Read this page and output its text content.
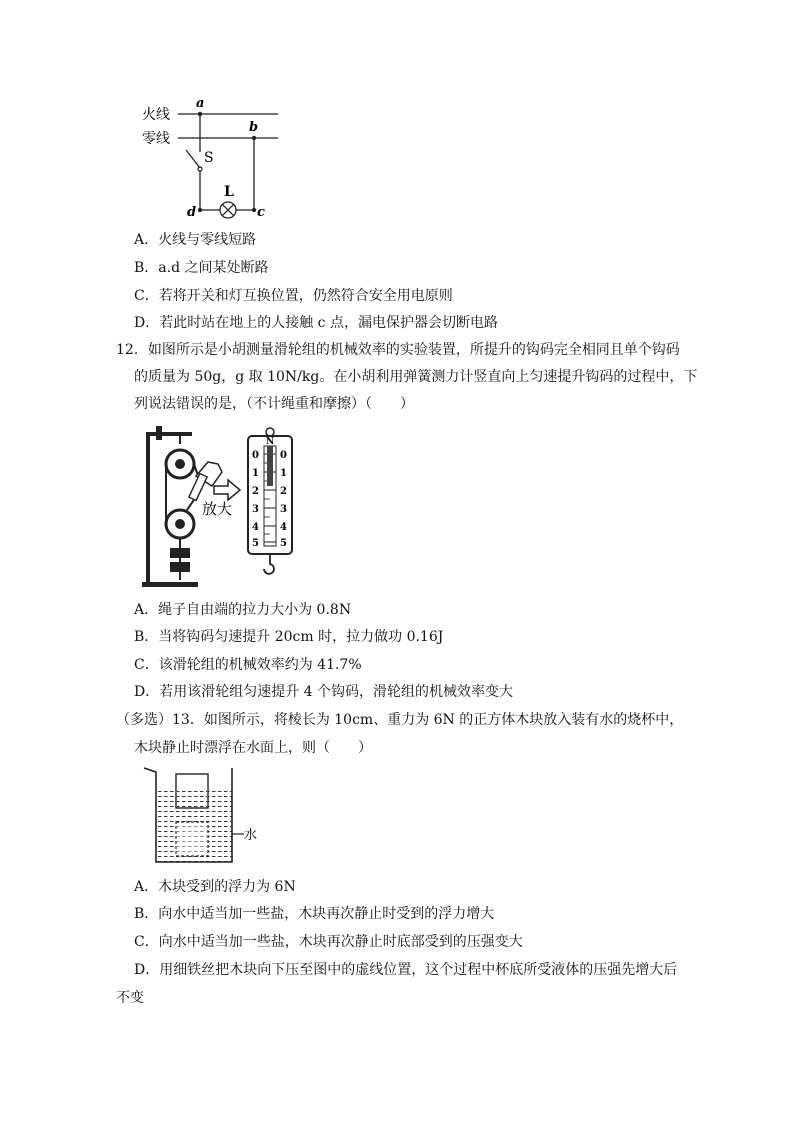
火线
零线
a
b
S
L
d	c
A．火线与零线短路
B．a.d 之间某处断路
C．若将开关和灯互换位置，仍然符合安全用电原则
D．若此时站在地上的人接触 c 点，漏电保护器会切断电路
12．如图所示是小胡测量滑轮组的机械效率的实验装置，所提升的钩码完全相同且单个钩码
的质量为 50g，g 取 10N/kg。在小胡利用弹簧测力计竖直向上匀速提升钩码的过程中，下
列说法错误的是，（不计绳重和摩擦）（　　）
放大
N
0
1
2
3
4
5
0
1
2
3
4
5
A．绳子自由端的拉力大小为 0.8N
B．当将钩码匀速提升 20cm 时，拉力做功 0.16J
C．该滑轮组的机械效率约为 41.7%
D．若用该滑轮组匀速提升 4 个钩码，滑轮组的机械效率变大
（多选）13．如图所示，将棱长为 10cm、重力为 6N 的正方体木块放入装有水的烧杯中，
木块静止时漂浮在水面上，则（　　）
水
A．木块受到的浮力为 6N
B．向水中适当加一些盐，木块再次静止时受到的浮力增大
C．向水中适当加一些盐，木块再次静止时底部受到的压强变大
D．用细铁丝把木块向下压至图中的虚线位置，这个过程中杯底所受液体的压强先增大后
不变
